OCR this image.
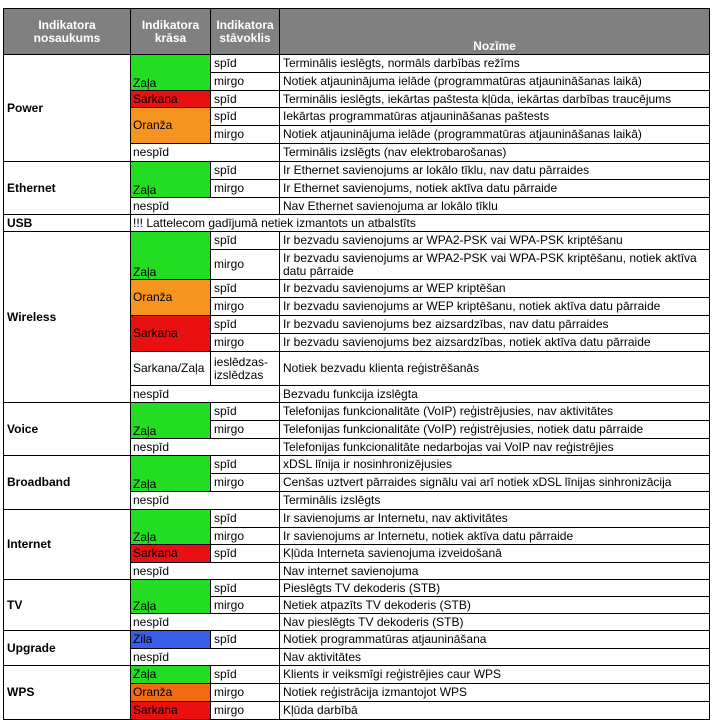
Indikatora nosaukums	Indikatora krāsa	Indikatora stāvoklis	Nozīme
Power	Zaļa	spīd	Terminālis ieslēgts, normāls darbības režīms
		mirgo	Notiek atjauninājuma ielāde (programmatūras atjaunināšanas laikā)
	Sarkana	spīd	Terminālis ieslēgts, iekārtas paštesta kļūda, iekārtas darbības traucējums
	Oranža	spīd	Iekārtas programmatūras atjaunināšanas paštests
		mirgo	Notiek atjauninājuma ielāde (programmatūras atjaunināšanas laikā)
	nespīd		Terminālis izslēgts (nav elektrobarošanas)
Ethernet	Zaļa	spīd	Ir Ethernet savienojums ar lokālo tīklu, nav datu pārraides
		mirgo	Ir Ethernet savienojums, notiek aktīva datu pārraide
	nespīd		Nav Ethernet savienojuma ar lokālo tīklu
USB	!!! Lattelecom gadījumā netiek izmantots un atbalstīts		
Wireless	Zaļa	spīd	Ir bezvadu savienojums ar WPA2-PSK vai WPA-PSK kriptēšanu
		mirgo	Ir bezvadu savienojums ar WPA2-PSK vai WPA-PSK kriptēšanu, notiek aktīva datu pārraide
	Oranža	spīd	Ir bezvadu savienojums ar WEP kriptēšan
		mirgo	Ir bezvadu savienojums ar WEP kriptēšanu, notiek aktīva datu pārraide
	Sarkana	spīd	Ir bezvadu savienojums bez aizsardzības, nav datu pārraides
		mirgo	Ir bezvadu savienojums bez aizsardzības, notiek aktīva datu pārraide
	Sarkana/Zaļa	ieslēdzas-izslēdzas	Notiek bezvadu klienta reģistrēšanās
	nespīd		Bezvadu funkcija izslēgta
Voice	Zaļa	spīd	Telefonijas funkcionalitāte (VoIP) reģistrējusies, nav aktivitātes
		mirgo	Telefonijas funkcionalitāte (VoIP) reģistrējusies, notiek datu pārraide
	nespīd		Telefonijas funkcionalitāte nedarbojas vai VoIP nav reģistrējies
Broadband	Zaļa	spīd	xDSL līnija ir nosinhronizējusies
		mirgo	Cenšas uztvert pārraides signālu vai arī notiek xDSL līnijas sinhronizācija
	nespīd		Terminālis izslēgts
Internet	Zaļa	spīd	Ir savienojums ar Internetu, nav aktivitātes
		mirgo	Ir savienojums ar Internetu, notiek aktīva datu pārraide
	Sarkana	spīd	Kļūda Interneta savienojuma izveidošanā
	nespīd		Nav internet savienojuma
TV	Zaļa	spīd	Pieslēgts TV dekoderis (STB)
		mirgo	Netiek atpazīts TV dekoderis (STB)
	nespīd		Nav pieslēgts TV dekoderis (STB)
Upgrade	Zila	spīd	Notiek programmatūras atjaunināšana
	nespīd		Nav aktivitātes
WPS	Zaļa	spīd	Klients ir veiksmīgi reģistrējies caur WPS
	Oranža	mirgo	Notiek reģistrācija izmantojot WPS
	Sarkana	mirgo	Kļūda darbībā
